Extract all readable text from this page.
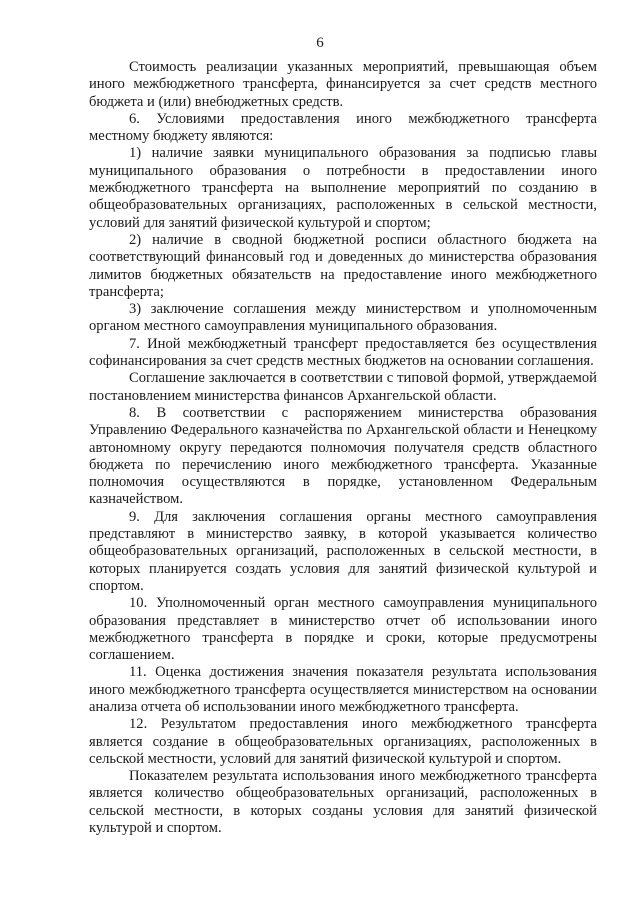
6

Стоимость реализации указанных мероприятий, превышающая объем иного межбюджетного трансферта, финансируется за счет средств местного бюджета и (или) внебюджетных средств.

6. Условиями предоставления иного межбюджетного трансферта местному бюджету являются:

1) наличие заявки муниципального образования за подписью главы муниципального образования о потребности в предоставлении иного межбюджетного трансферта на выполнение мероприятий по созданию в общеобразовательных организациях, расположенных в сельской местности, условий для занятий физической культурой и спортом;

2) наличие в сводной бюджетной росписи областного бюджета на соответствующий финансовый год и доведенных до министерства образования лимитов бюджетных обязательств на предоставление иного межбюджетного трансферта;

3) заключение соглашения между министерством и уполномоченным органом местного самоуправления муниципального образования.

7. Иной межбюджетный трансферт предоставляется без осуществления софинансирования за счет средств местных бюджетов на основании соглашения.

Соглашение заключается в соответствии с типовой формой, утверждаемой постановлением министерства финансов Архангельской области.

8. В соответствии с распоряжением министерства образования Управлению Федерального казначейства по Архангельской области и Ненецкому автономному округу передаются полномочия получателя средств областного бюджета по перечислению иного межбюджетного трансферта. Указанные полномочия осуществляются в порядке, установленном Федеральным казначейством.

9. Для заключения соглашения органы местного самоуправления представляют в министерство заявку, в которой указывается количество общеобразовательных организаций, расположенных в сельской местности, в которых планируется создать условия для занятий физической культурой и спортом.

10. Уполномоченный орган местного самоуправления муниципального образования представляет в министерство отчет об использовании иного межбюджетного трансферта в порядке и сроки, которые предусмотрены соглашением.

11. Оценка достижения значения показателя результата использования иного межбюджетного трансферта осуществляется министерством на основании анализа отчета об использовании иного межбюджетного трансферта.

12. Результатом предоставления иного межбюджетного трансферта является создание в общеобразовательных организациях, расположенных в сельской местности, условий для занятий физической культурой и спортом.

Показателем результата использования иного межбюджетного трансферта является количество общеобразовательных организаций, расположенных в сельской местности, в которых созданы условия для занятий физической культурой и спортом.
